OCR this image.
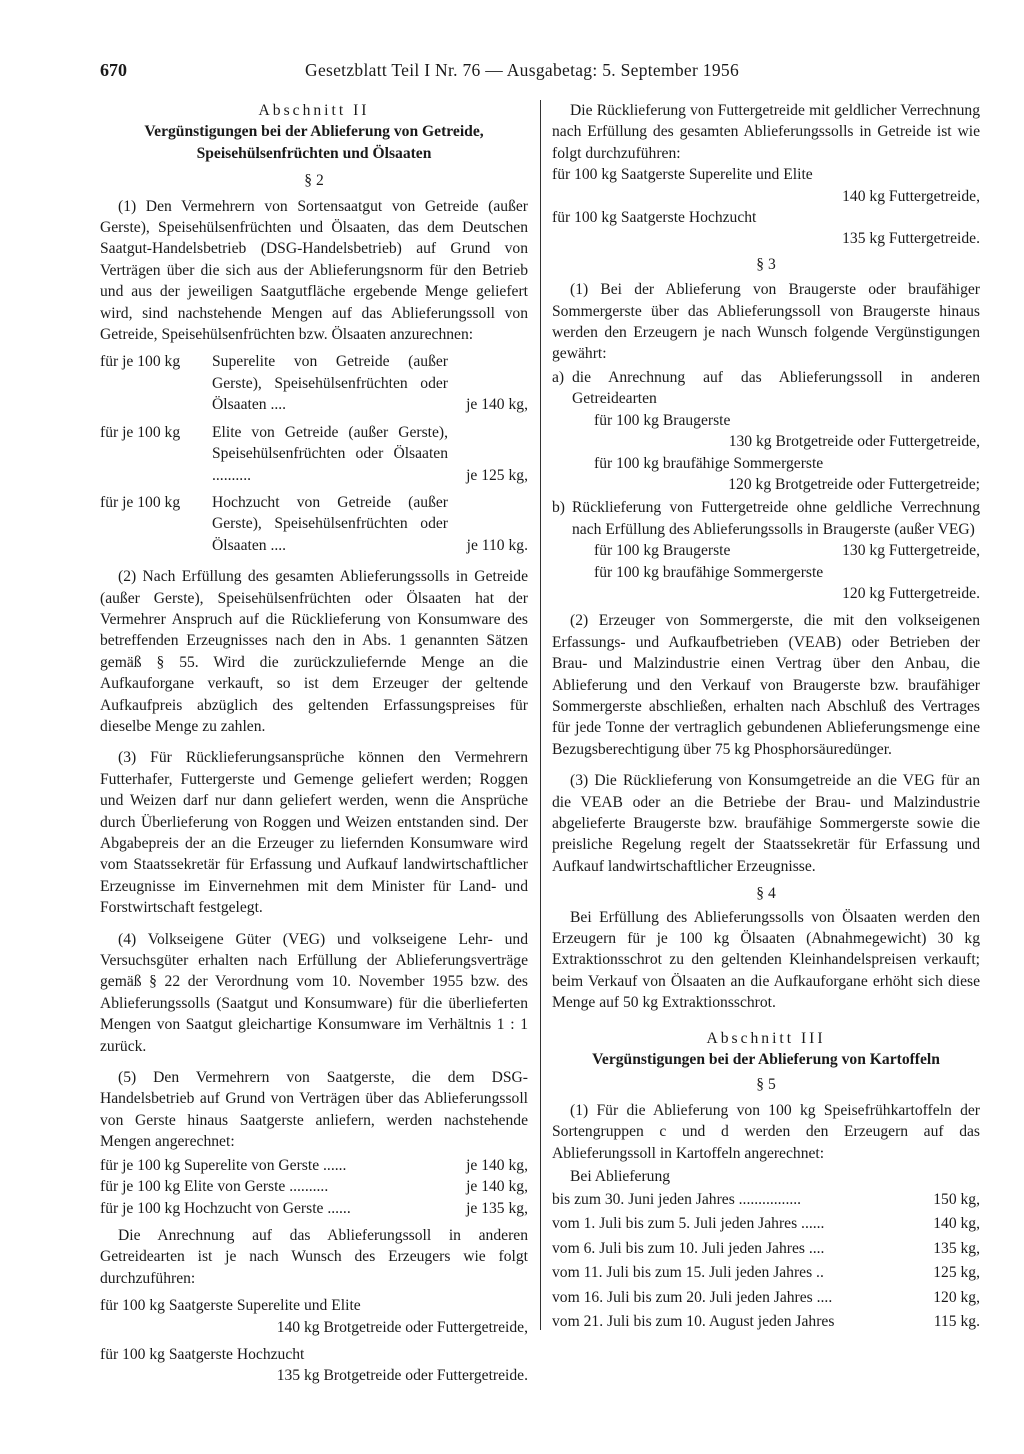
670	Gesetzblatt Teil I Nr. 76 — Ausgabetag: 5. September 1956

Abschnitt II

Vergünstigungen bei der Ablieferung von Getreide,

Speisehülsenfrüchten und Ölsaaten

§ 2

(1) Den Vermehrern von Sortensaatgut von Getreide (außer Gerste), Speisehülsenfrüchten und Ölsaaten, das dem Deutschen Saatgut-Handelsbetrieb (DSG-Handelsbetrieb) auf Grund von Verträgen über die sich aus der Ablieferungsnorm für den Betrieb und aus der jeweiligen Saatgutfläche ergebende Menge geliefert wird, sind nachstehende Mengen auf das Ablieferungssoll von Getreide, Speisehülsenfrüchten bzw. Ölsaaten anzurechnen:

für je 100 kg	Superelite von Getreide (außer Gerste), Speisehülsenfrüchten oder Ölsaaten ....	je 140 kg,
für je 100 kg	Elite von Getreide (außer Gerste), Speisehülsenfrüchten oder Ölsaaten ..........	je 125 kg,
für je 100 kg	Hochzucht von Getreide (außer Gerste), Speisehülsenfrüchten oder Ölsaaten ....	je 110 kg.

(2) Nach Erfüllung des gesamten Ablieferungssolls in Getreide (außer Gerste), Speisehülsenfrüchten oder Ölsaaten hat der Vermehrer Anspruch auf die Rücklieferung von Konsumware des betreffenden Erzeugnisses nach den in Abs. 1 genannten Sätzen gemäß § 55. Wird die zurückzuliefernde Menge an die Aufkauforgane verkauft, so ist dem Erzeuger der geltende Aufkaufpreis abzüglich des geltenden Erfassungspreises für dieselbe Menge zu zahlen.

(3) Für Rücklieferungsansprüche können den Vermehrern Futterhafer, Futtergerste und Gemenge geliefert werden; Roggen und Weizen darf nur dann geliefert werden, wenn die Ansprüche durch Überlieferung von Roggen und Weizen entstanden sind. Der Abgabepreis der an die Erzeuger zu liefernden Konsumware wird vom Staatssekretär für Erfassung und Aufkauf landwirtschaftlicher Erzeugnisse im Einvernehmen mit dem Minister für Land- und Forstwirtschaft festgelegt.

(4) Volkseigene Güter (VEG) und volkseigene Lehr- und Versuchsgüter erhalten nach Erfüllung der Ablieferungsverträge gemäß § 22 der Verordnung vom 10. November 1955 bzw. des Ablieferungssolls (Saatgut und Konsumware) für die überlieferten Mengen von Saatgut gleichartige Konsumware im Verhältnis 1 : 1 zurück.

(5) Den Vermehrern von Saatgerste, die dem DSG-Handelsbetrieb auf Grund von Verträgen über das Ablieferungssoll von Gerste hinaus Saatgerste anliefern, werden nachstehende Mengen angerechnet:

für je 100 kg Superelite von Gerste ......	je 140 kg,
für je 100 kg Elite von Gerste ..........	je 140 kg,
für je 100 kg Hochzucht von Gerste ......	je 135 kg,

Die Anrechnung auf das Ablieferungssoll in anderen Getreidearten ist je nach Wunsch des Erzeugers wie folgt durchzuführen:

für 100 kg Saatgerste Superelite und Elite

140 kg Brotgetreide oder Futtergetreide,

für 100 kg Saatgerste Hochzucht

135 kg Brotgetreide oder Futtergetreide.

Die Rücklieferung von Futtergetreide mit geldlicher Verrechnung nach Erfüllung des gesamten Ablieferungssolls in Getreide ist wie folgt durchzuführen:

für 100 kg Saatgerste Superelite und Elite

140 kg Futtergetreide,

für 100 kg Saatgerste Hochzucht

135 kg Futtergetreide.

§ 3

(1) Bei der Ablieferung von Braugerste oder braufähiger Sommergerste über das Ablieferungssoll von Braugerste hinaus werden den Erzeugern je nach Wunsch folgende Vergünstigungen gewährt:

a) die Anrechnung auf das Ablieferungssoll in anderen Getreidearten

für 100 kg Braugerste

130 kg Brotgetreide oder Futtergetreide,

für 100 kg braufähige Sommergerste

120 kg Brotgetreide oder Futtergetreide;

b) Rücklieferung von Futtergetreide ohne geldliche Verrechnung nach Erfüllung des Ablieferungssolls in Braugerste (außer VEG)
für 100 kg Braugerste	130 kg Futtergetreide,

für 100 kg braufähige Sommergerste

120 kg Futtergetreide.

(2) Erzeuger von Sommergerste, die mit den volkseigenen Erfassungs- und Aufkaufbetrieben (VEAB) oder Betrieben der Brau- und Malzindustrie einen Vertrag über den Anbau, die Ablieferung und den Verkauf von Braugerste bzw. braufähiger Sommergerste abschließen, erhalten nach Abschluß des Vertrages für jede Tonne der vertraglich gebundenen Ablieferungsmenge eine Bezugsberechtigung über 75 kg Phosphorsäuredünger.

(3) Die Rücklieferung von Konsumgetreide an die VEG für an die VEAB oder an die Betriebe der Brau- und Malzindustrie abgelieferte Braugerste bzw. braufähige Sommergerste sowie die preisliche Regelung regelt der Staatssekretär für Erfassung und Aufkauf landwirtschaftlicher Erzeugnisse.

§ 4

Bei Erfüllung des Ablieferungssolls von Ölsaaten werden den Erzeugern für je 100 kg Ölsaaten (Abnahmegewicht) 30 kg Extraktionsschrot zu den geltenden Kleinhandelspreisen verkauft; beim Verkauf von Ölsaaten an die Aufkauforgane erhöht sich diese Menge auf 50 kg Extraktionsschrot.

Abschnitt III

Vergünstigungen bei der Ablieferung von Kartoffeln

§ 5

(1) Für die Ablieferung von 100 kg Speisefrühkartoffeln der Sortengruppen c und d werden den Erzeugern auf das Ablieferungssoll in Kartoffeln angerechnet:

Bei Ablieferung

bis zum 30. Juni jeden Jahres ................	150 kg,
vom 1. Juli bis zum 5. Juli jeden Jahres ......	140 kg,
vom 6. Juli bis zum 10. Juli jeden Jahres ....	135 kg,
vom 11. Juli bis zum 15. Juli jeden Jahres ..	125 kg,
vom 16. Juli bis zum 20. Juli jeden Jahres ....	120 kg,
vom 21. Juli bis zum 10. August jeden Jahres	115 kg.
